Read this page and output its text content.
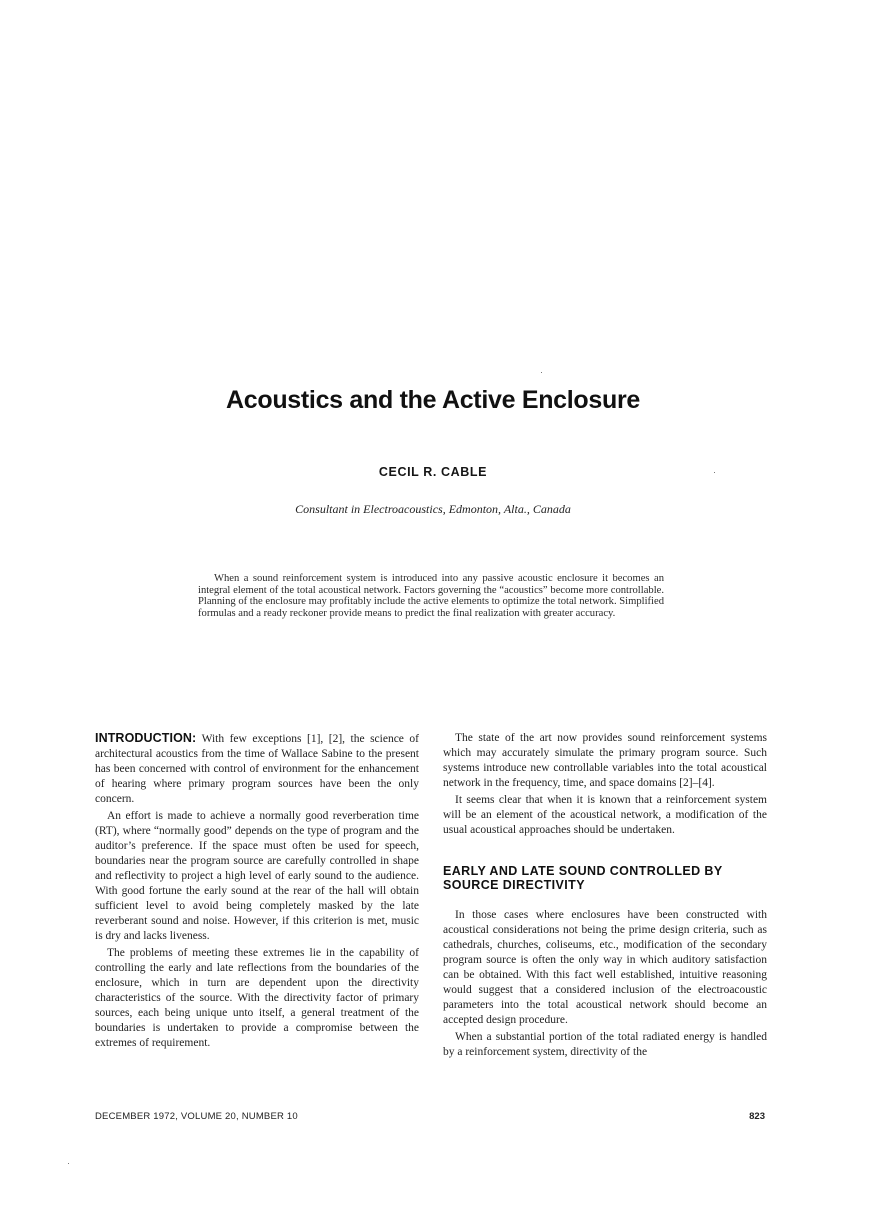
Acoustics and the Active Enclosure
CECIL R. CABLE
Consultant in Electroacoustics, Edmonton, Alta., Canada

When a sound reinforcement system is introduced into any passive acoustic enclosure it becomes an integral element of the total acoustical network. Factors governing the “acoustics” become more controllable. Planning of the enclosure may profitably include the active elements to optimize the total network. Simplified formulas and a ready reckoner provide means to predict the final realization with greater accuracy.

INTRODUCTION: With few exceptions [1], [2], the science of architectural acoustics from the time of Wallace Sabine to the present has been concerned with control of environment for the enhancement of hearing where primary program sources have been the only concern.

An effort is made to achieve a normally good reverberation time (RT), where “normally good” depends on the type of program and the auditor’s preference. If the space must often be used for speech, boundaries near the program source are carefully controlled in shape and reflectivity to project a high level of early sound to the audience. With good fortune the early sound at the rear of the hall will obtain sufficient level to avoid being completely masked by the late reverberant sound and noise. However, if this criterion is met, music is dry and lacks liveness.

The problems of meeting these extremes lie in the capability of controlling the early and late reflections from the boundaries of the enclosure, which in turn are dependent upon the directivity characteristics of the source. With the directivity factor of primary sources, each being unique unto itself, a general treatment of the boundaries is undertaken to provide a compromise between the extremes of requirement.

The state of the art now provides sound reinforcement systems which may accurately simulate the primary program source. Such systems introduce new controllable variables into the total acoustical network in the frequency, time, and space domains [2]–[4].

It seems clear that when it is known that a reinforcement system will be an element of the acoustical network, a modification of the usual acoustical approaches should be undertaken.

EARLY AND LATE SOUND CONTROLLED BY SOURCE DIRECTIVITY

In those cases where enclosures have been constructed with acoustical considerations not being the prime design criteria, such as cathedrals, churches, coliseums, etc., modification of the secondary program source is often the only way in which auditory satisfaction can be obtained. With this fact well established, intuitive reasoning would suggest that a considered inclusion of the electroacoustic parameters into the total acoustical network should become an accepted design procedure.

When a substantial portion of the total radiated energy is handled by a reinforcement system, directivity of the

DECEMBER 1972, VOLUME 20, NUMBER 10	823
